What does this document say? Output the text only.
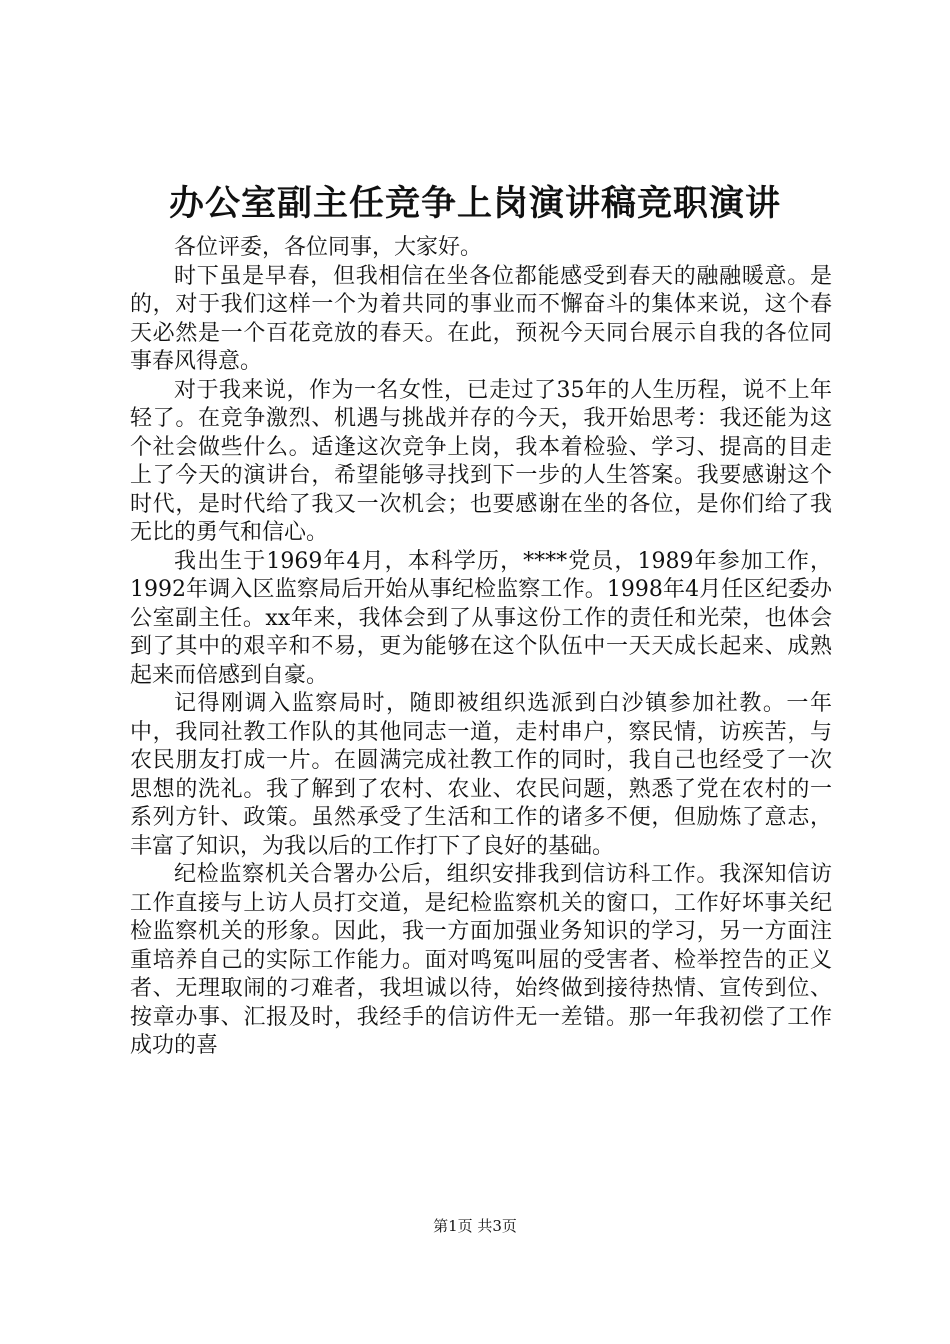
办公室副主任竞争上岗演讲稿竞职演讲

各位评委，各位同事，大家好。

时下虽是早春，但我相信在坐各位都能感受到春天的融融暖意。是的，对于我们这样一个为着共同的事业而不懈奋斗的集体来说，这个春天必然是一个百花竞放的春天。在此，预祝今天同台展示自我的各位同事春风得意。

对于我来说，作为一名女性，已走过了35年的人生历程，说不上年轻了。在竞争激烈、机遇与挑战并存的今天，我开始思考：我还能为这个社会做些什么。适逢这次竞争上岗，我本着检验、学习、提高的目走上了今天的演讲台，希望能够寻找到下一步的人生答案。我要感谢这个时代，是时代给了我又一次机会；也要感谢在坐的各位，是你们给了我无比的勇气和信心。

我出生于1969年4月，本科学历，****党员，1989年参加工作，1992年调入区监察局后开始从事纪检监察工作。1998年4月任区纪委办公室副主任。xx年来，我体会到了从事这份工作的责任和光荣，也体会到了其中的艰辛和不易，更为能够在这个队伍中一天天成长起来、成熟起来而倍感到自豪。

记得刚调入监察局时，随即被组织选派到白沙镇参加社教。一年中，我同社教工作队的其他同志一道，走村串户，察民情，访疾苦，与农民朋友打成一片。在圆满完成社教工作的同时，我自己也经受了一次思想的洗礼。我了解到了农村、农业、农民问题，熟悉了党在农村的一系列方针、政策。虽然承受了生活和工作的诸多不便，但励炼了意志，丰富了知识，为我以后的工作打下了良好的基础。

纪检监察机关合署办公后，组织安排我到信访科工作。我深知信访工作直接与上访人员打交道，是纪检监察机关的窗口，工作好坏事关纪检监察机关的形象。因此，我一方面加强业务知识的学习，另一方面注重培养自己的实际工作能力。面对鸣冤叫屈的受害者、检举控告的正义者、无理取闹的刁难者，我坦诚以待，始终做到接待热情、宣传到位、按章办事、汇报及时，我经手的信访件无一差错。那一年我初偿了工作成功的喜

第1页 共3页
